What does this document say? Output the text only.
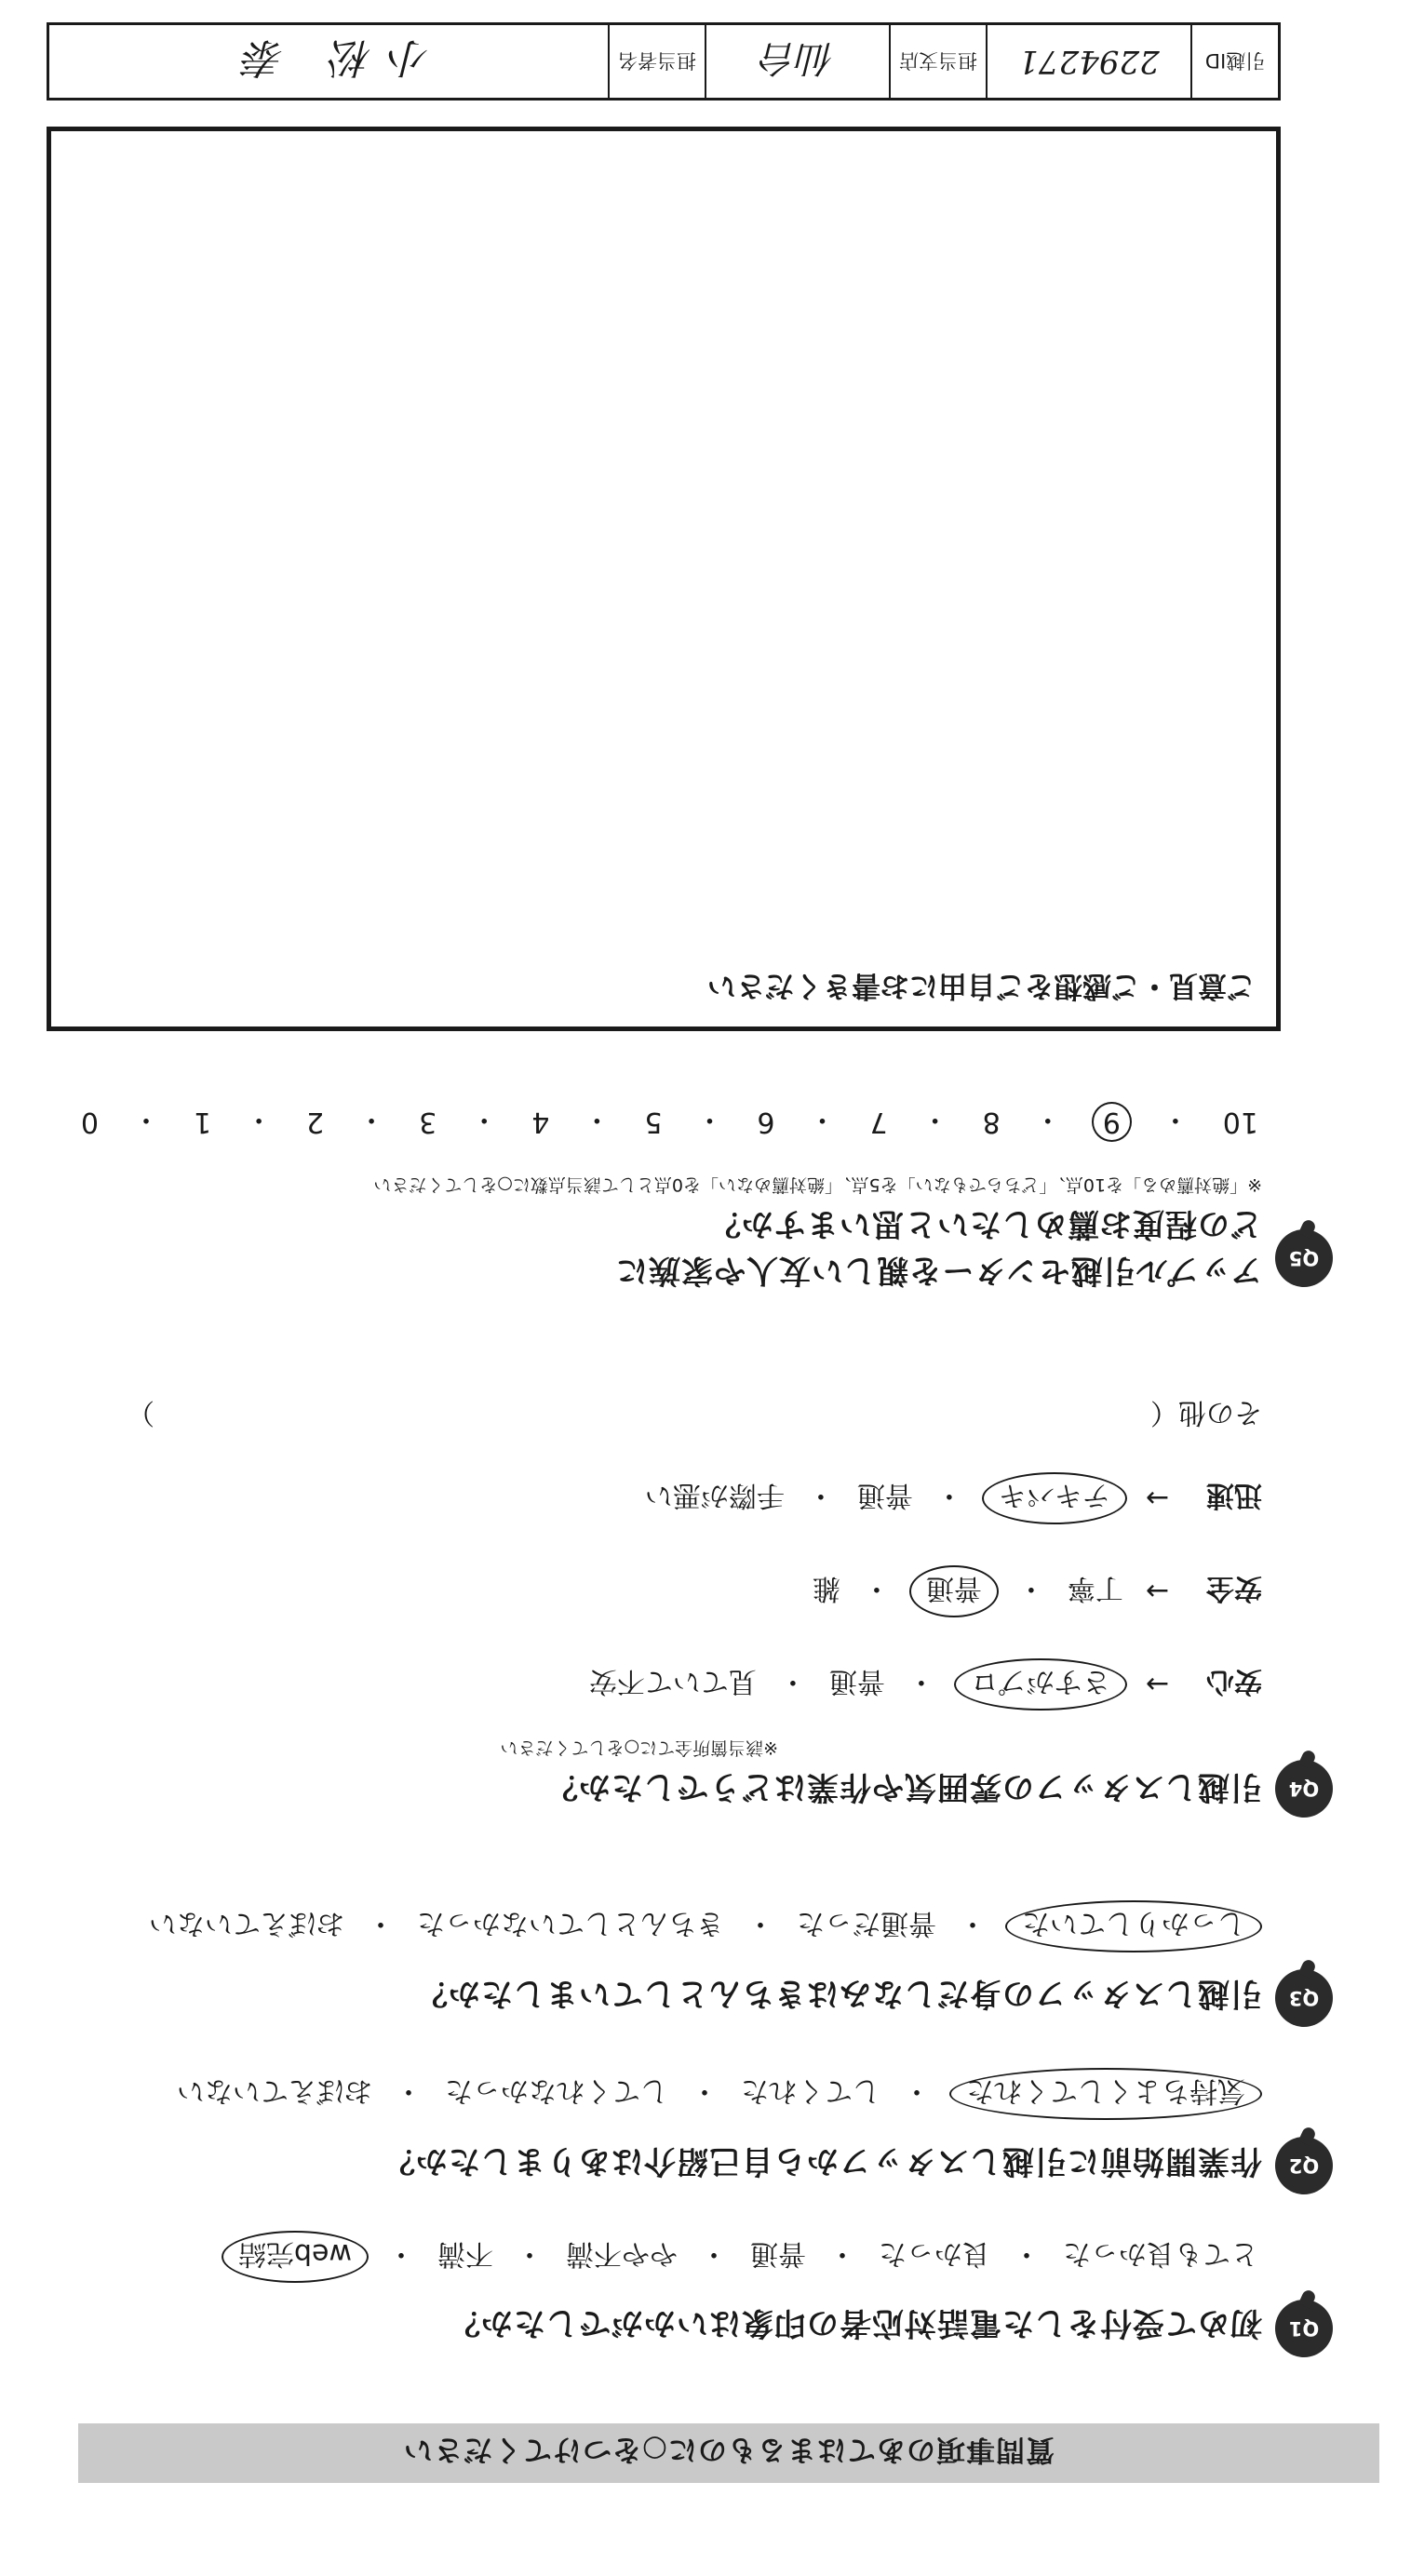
質問事項のあてはまるものに○をつけてください
Q1
初めて受付をした電話対応者の印象はいかがでしたか？
とても良かった
・
良かった
・
普通
・
やや不満
・
不満
・
web完結
Q2
作業開始前に引越しスタッフから自己紹介はありましたか？
気持ちよくしてくれた
・
してくれた
・
してくれなかった
・
おぼえていない
Q3
引越しスタッフの身だしなみはきちんとしていましたか？
しっかりしていた
・
普通だった
・
きちんとしていなかった
・
おぼえていない
Q4
引越しスタッフの雰囲気や作業はどうでしたか？
※該当箇所全てに○をしてください
安心
→
さすがプロ
・
普通
・
見ていて不安
安全
→
丁寧
・
普通
・
雑
迅速
→
テキパキ
・
普通
・
手際が悪い
その他（
）
Q5
アップル引越センターを親しい友人や家族に
どの程度お薦めしたいと思いますか？
※「絶対薦める」を10点、「どちらでもない」を5点、「絶対薦めない」を0点として該当点数に○をしてください
10
・
9
・
8
・
7
・
6
・
5
・
4
・
3
・
2
・
1
・
0
ご意見・ご感想をご自由にお書きください
引越ID
2294271
担当支店
仙台
担当者名
小松 泰
